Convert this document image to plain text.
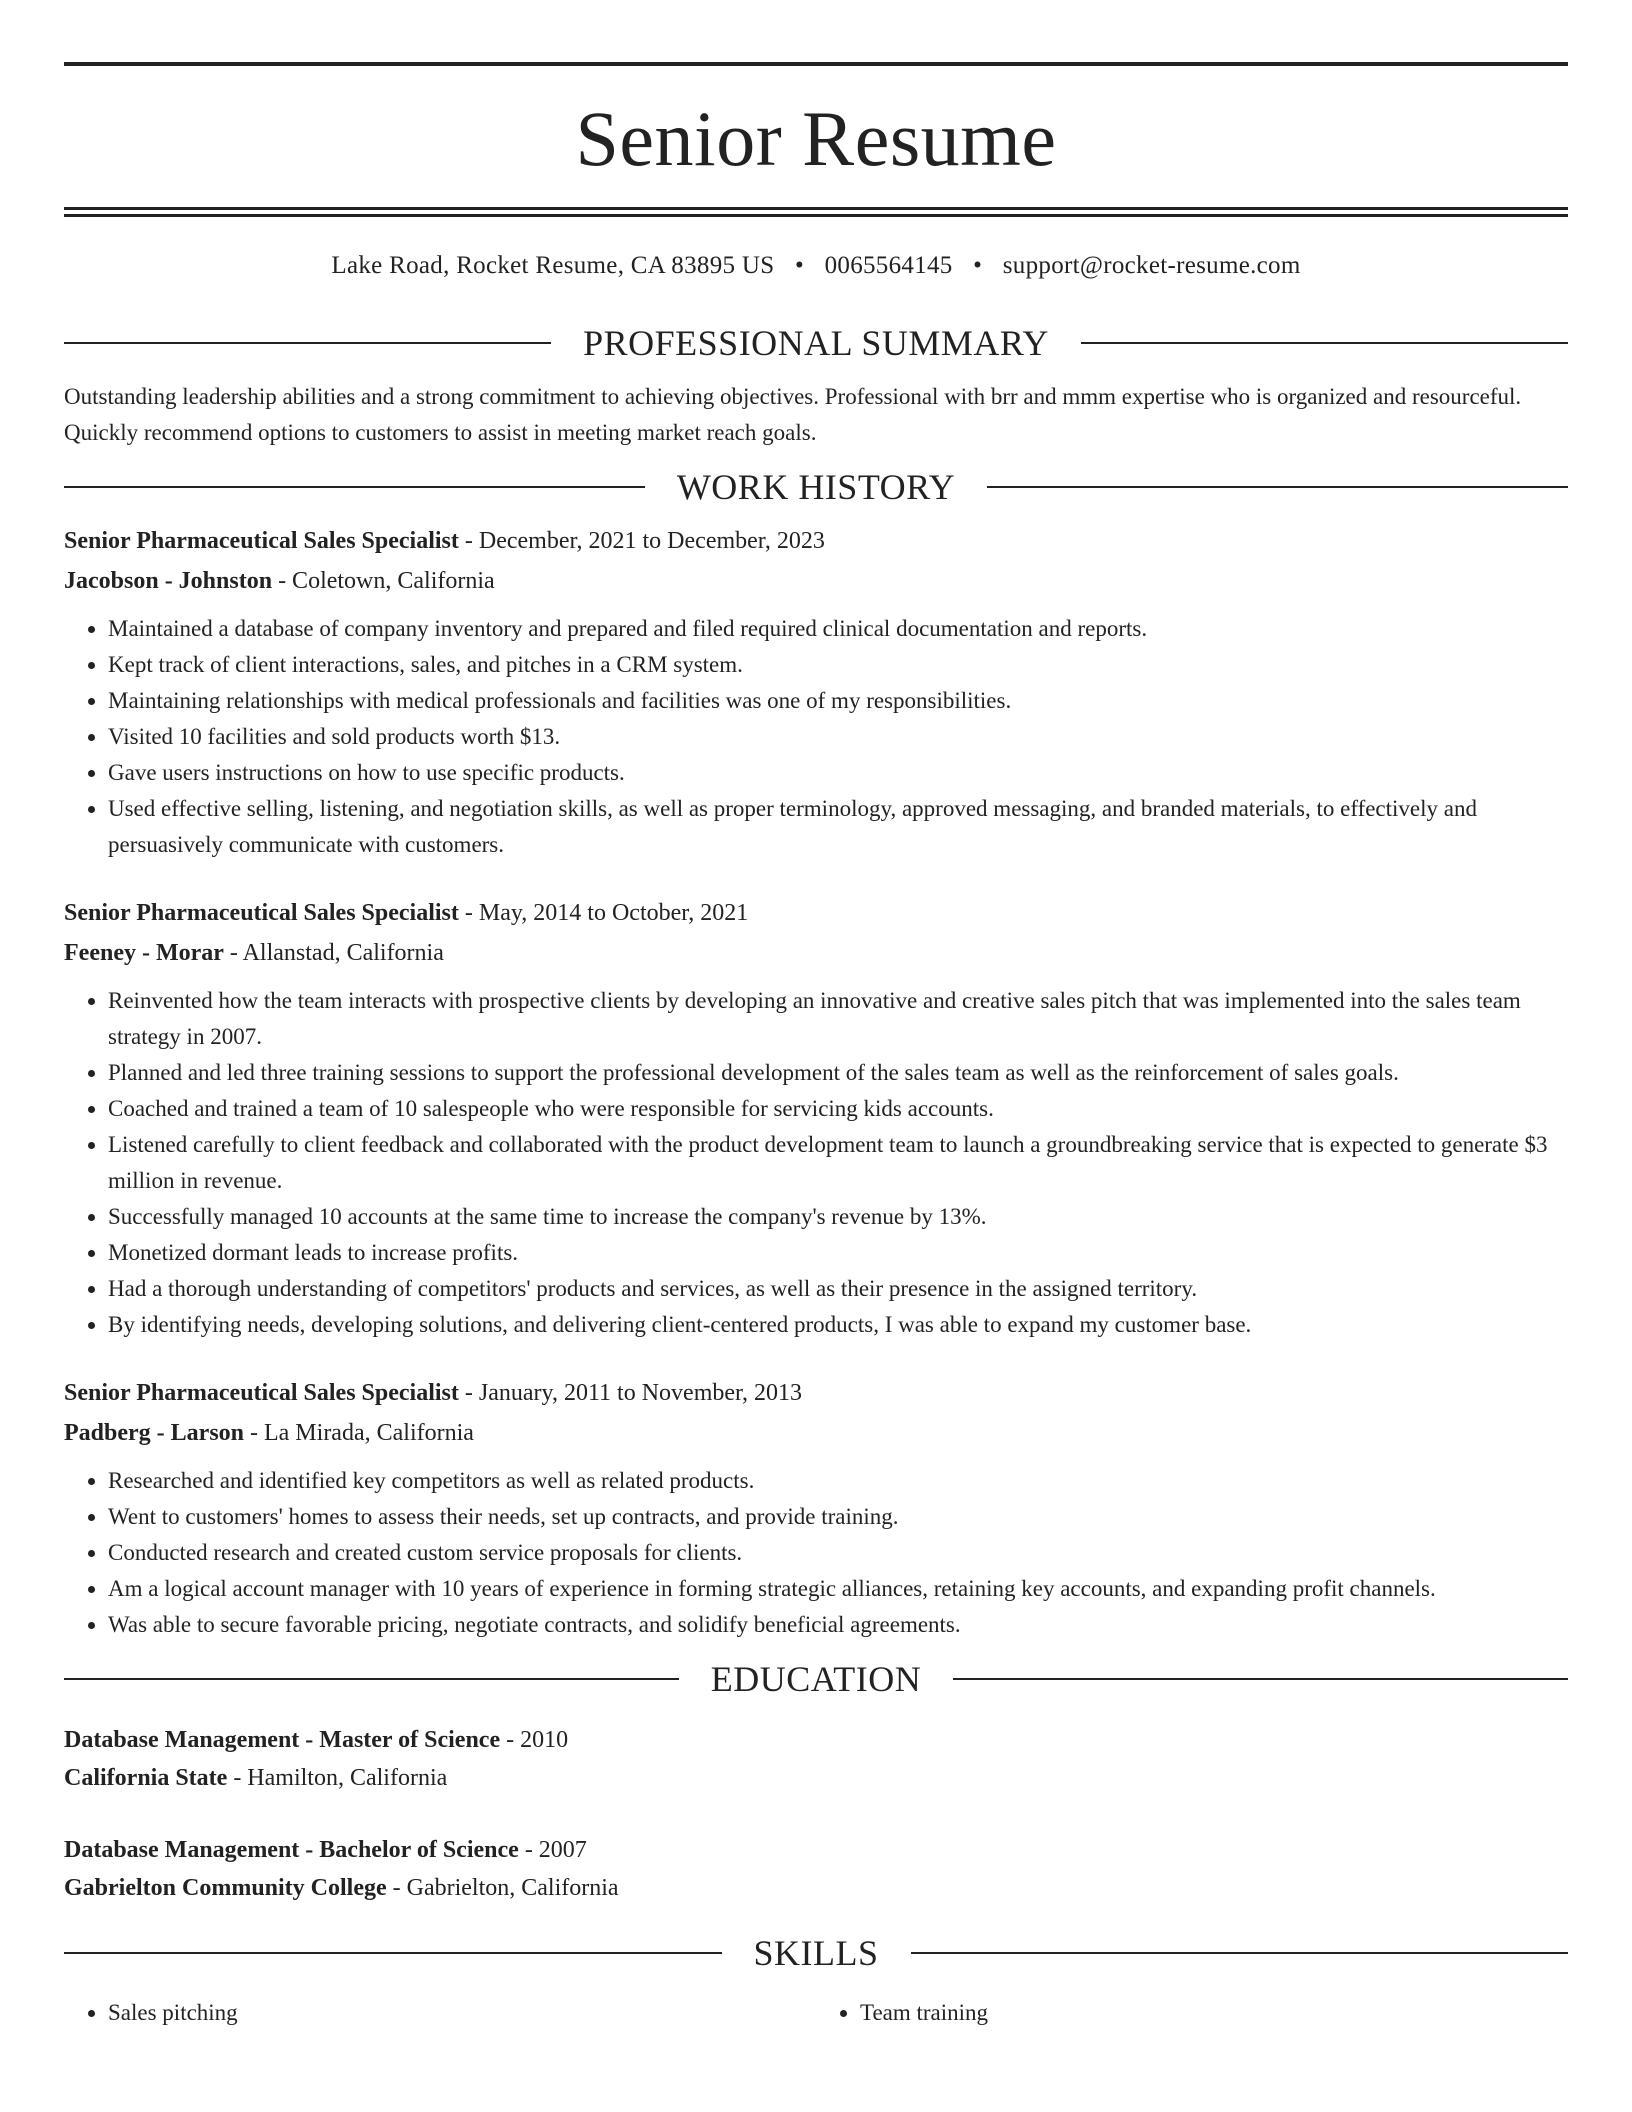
Senior Resume
Lake Road, Rocket Resume, CA 83895 US • 0065564145 • support@rocket-resume.com
PROFESSIONAL SUMMARY
Outstanding leadership abilities and a strong commitment to achieving objectives. Professional with brr and mmm expertise who is organized and resourceful. Quickly recommend options to customers to assist in meeting market reach goals.
WORK HISTORY
Senior Pharmaceutical Sales Specialist - December, 2021 to December, 2023
Jacobson - Johnston - Coletown, California
• Maintained a database of company inventory and prepared and filed required clinical documentation and reports.
• Kept track of client interactions, sales, and pitches in a CRM system.
• Maintaining relationships with medical professionals and facilities was one of my responsibilities.
• Visited 10 facilities and sold products worth $13.
• Gave users instructions on how to use specific products.
• Used effective selling, listening, and negotiation skills, as well as proper terminology, approved messaging, and branded materials, to effectively and persuasively communicate with customers.
Senior Pharmaceutical Sales Specialist - May, 2014 to October, 2021
Feeney - Morar - Allanstad, California
• Reinvented how the team interacts with prospective clients by developing an innovative and creative sales pitch that was implemented into the sales team strategy in 2007.
• Planned and led three training sessions to support the professional development of the sales team as well as the reinforcement of sales goals.
• Coached and trained a team of 10 salespeople who were responsible for servicing kids accounts.
• Listened carefully to client feedback and collaborated with the product development team to launch a groundbreaking service that is expected to generate $3 million in revenue.
• Successfully managed 10 accounts at the same time to increase the company's revenue by 13%.
• Monetized dormant leads to increase profits.
• Had a thorough understanding of competitors' products and services, as well as their presence in the assigned territory.
• By identifying needs, developing solutions, and delivering client-centered products, I was able to expand my customer base.
Senior Pharmaceutical Sales Specialist - January, 2011 to November, 2013
Padberg - Larson - La Mirada, California
• Researched and identified key competitors as well as related products.
• Went to customers' homes to assess their needs, set up contracts, and provide training.
• Conducted research and created custom service proposals for clients.
• Am a logical account manager with 10 years of experience in forming strategic alliances, retaining key accounts, and expanding profit channels.
• Was able to secure favorable pricing, negotiate contracts, and solidify beneficial agreements.
EDUCATION
Database Management - Master of Science - 2010
California State - Hamilton, California
Database Management - Bachelor of Science - 2007
Gabrielton Community College - Gabrielton, California
SKILLS
• Sales pitching
•	Team training
